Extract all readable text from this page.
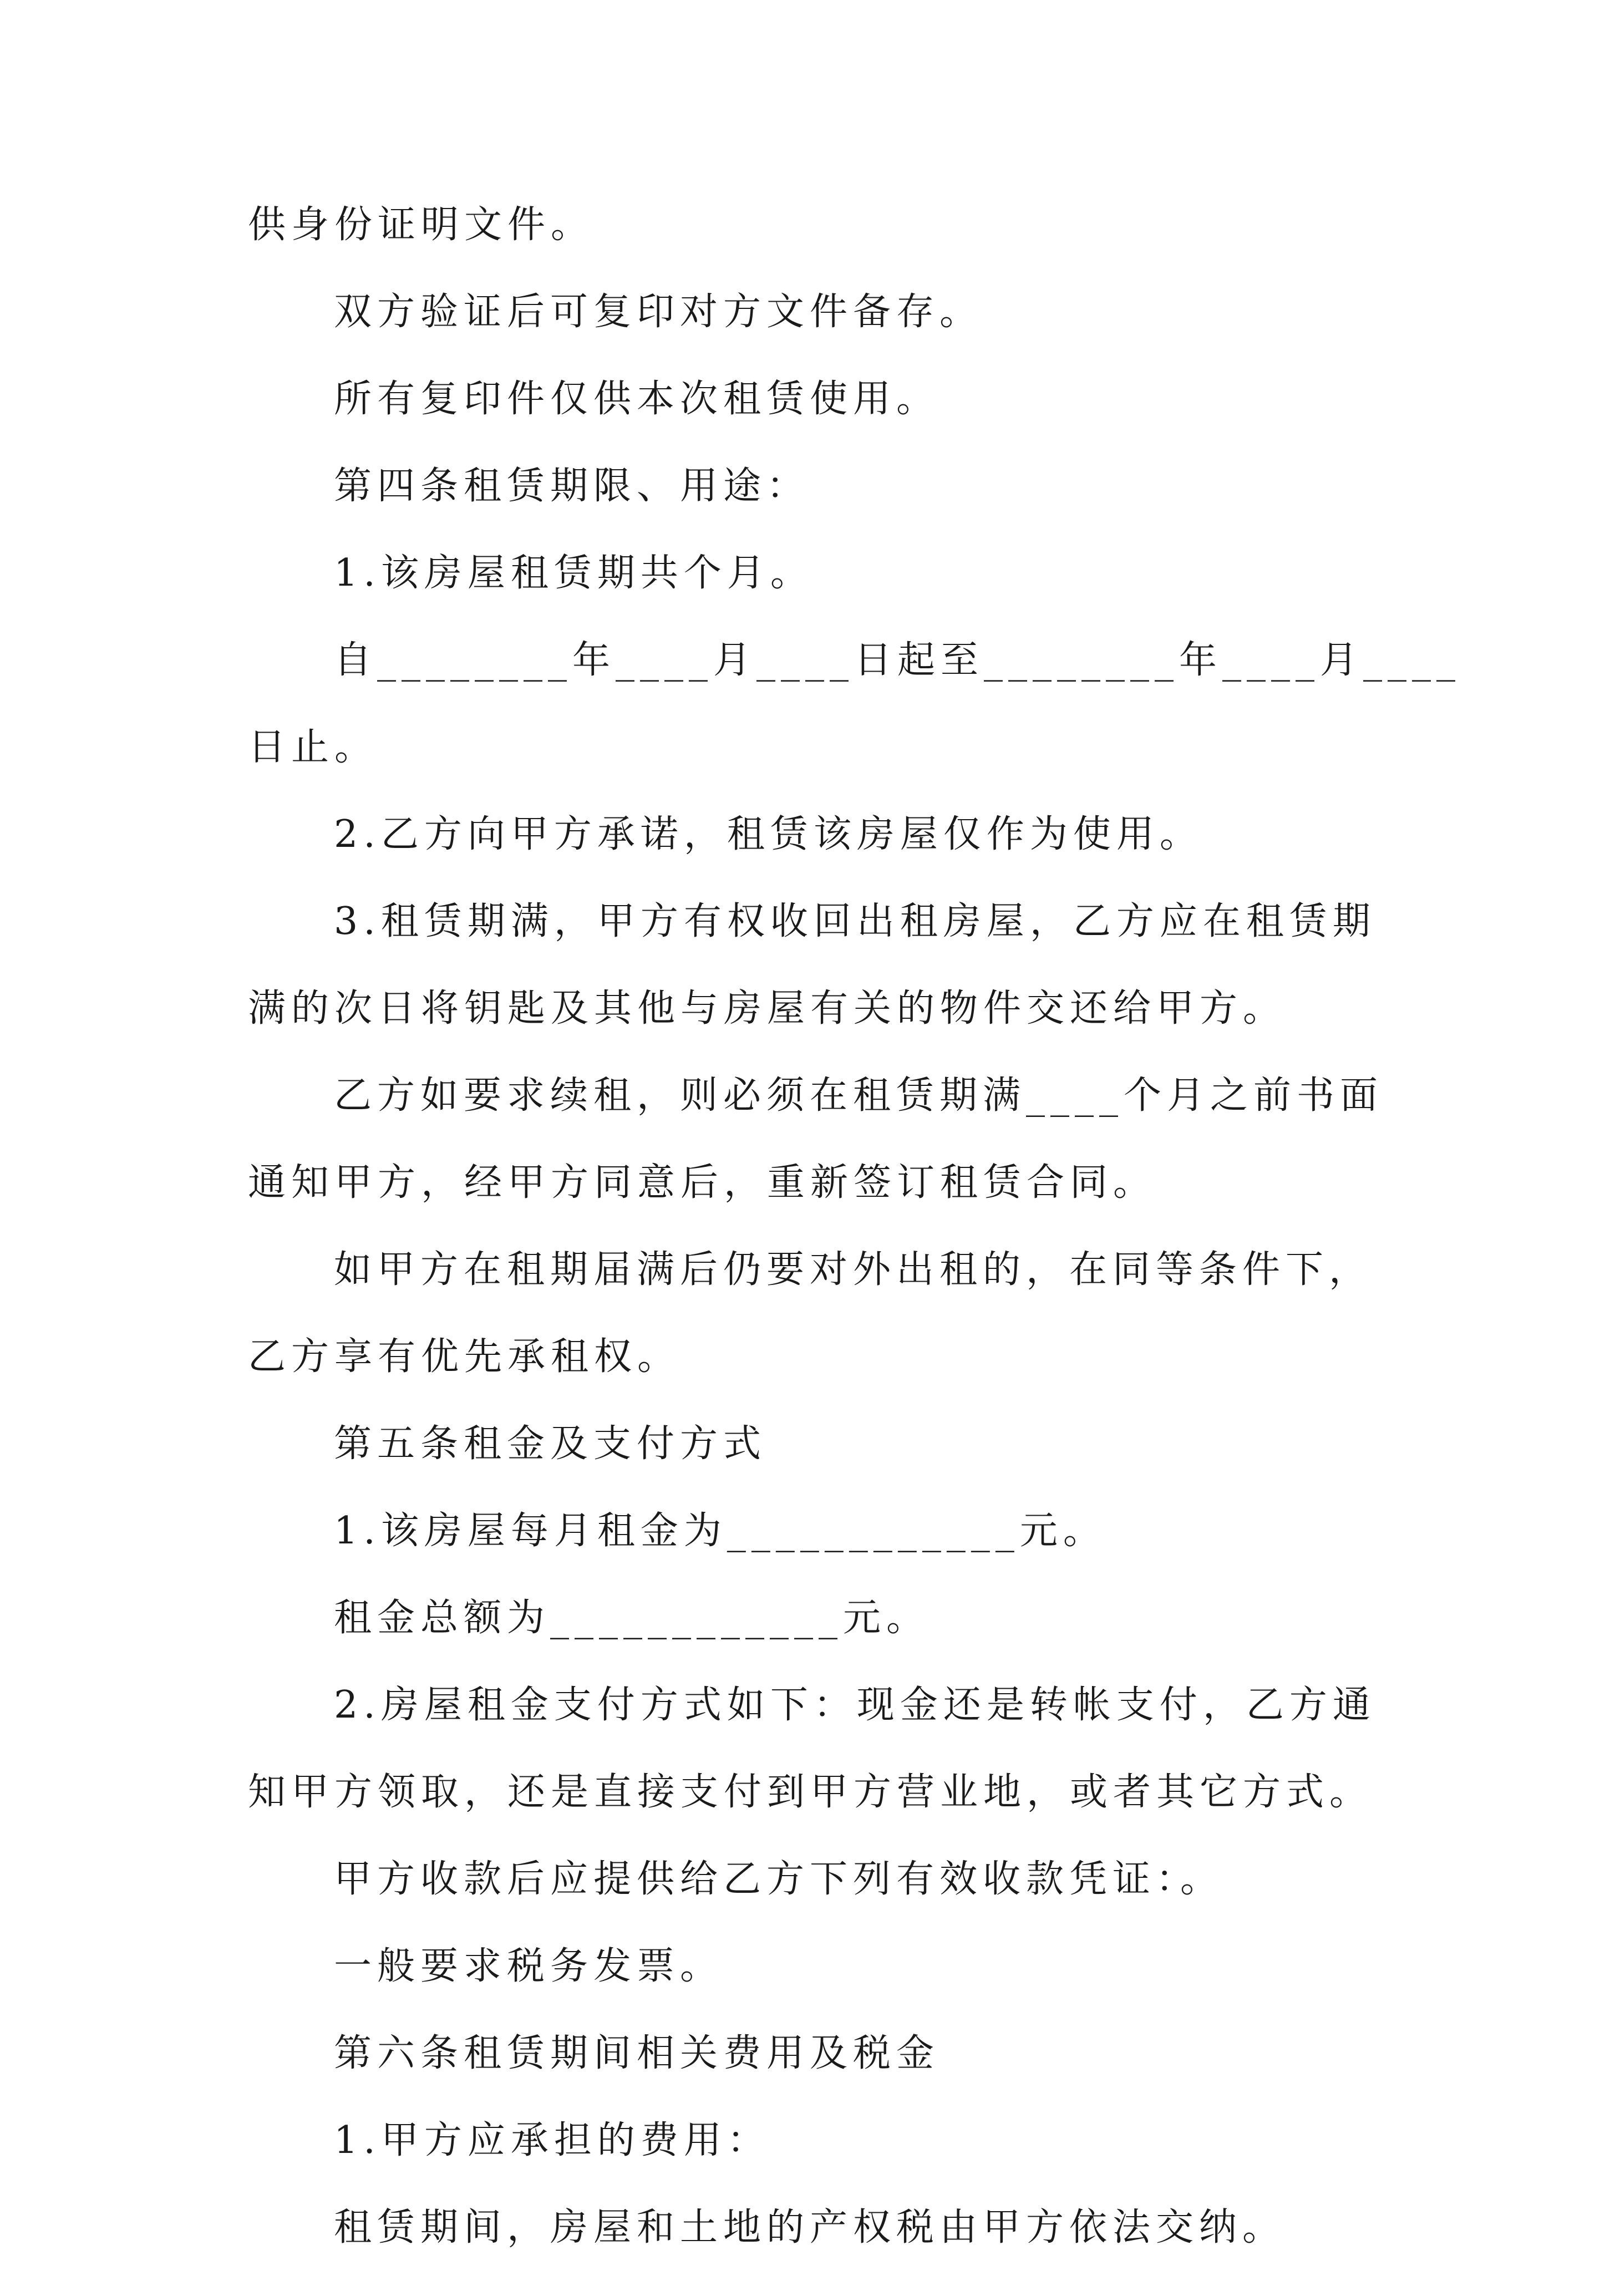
供身份证明文件。
双方验证后可复印对方文件备存。
所有复印件仅供本次租赁使用。
第四条租赁期限、用途：
1.该房屋租赁期共个月。
自________年____月____日起至________年____月____
日止。
2.乙方向甲方承诺，租赁该房屋仅作为使用。
3.租赁期满，甲方有权收回出租房屋，乙方应在租赁期
满的次日将钥匙及其他与房屋有关的物件交还给甲方。
乙方如要求续租，则必须在租赁期满____个月之前书面
通知甲方，经甲方同意后，重新签订租赁合同。
如甲方在租期届满后仍要对外出租的，在同等条件下，
乙方享有优先承租权。
第五条租金及支付方式
1.该房屋每月租金为____________元。
租金总额为____________元。
2.房屋租金支付方式如下：现金还是转帐支付，乙方通
知甲方领取，还是直接支付到甲方营业地，或者其它方式。
甲方收款后应提供给乙方下列有效收款凭证：。
一般要求税务发票。
第六条租赁期间相关费用及税金
1.甲方应承担的费用：
租赁期间，房屋和土地的产权税由甲方依法交纳。
